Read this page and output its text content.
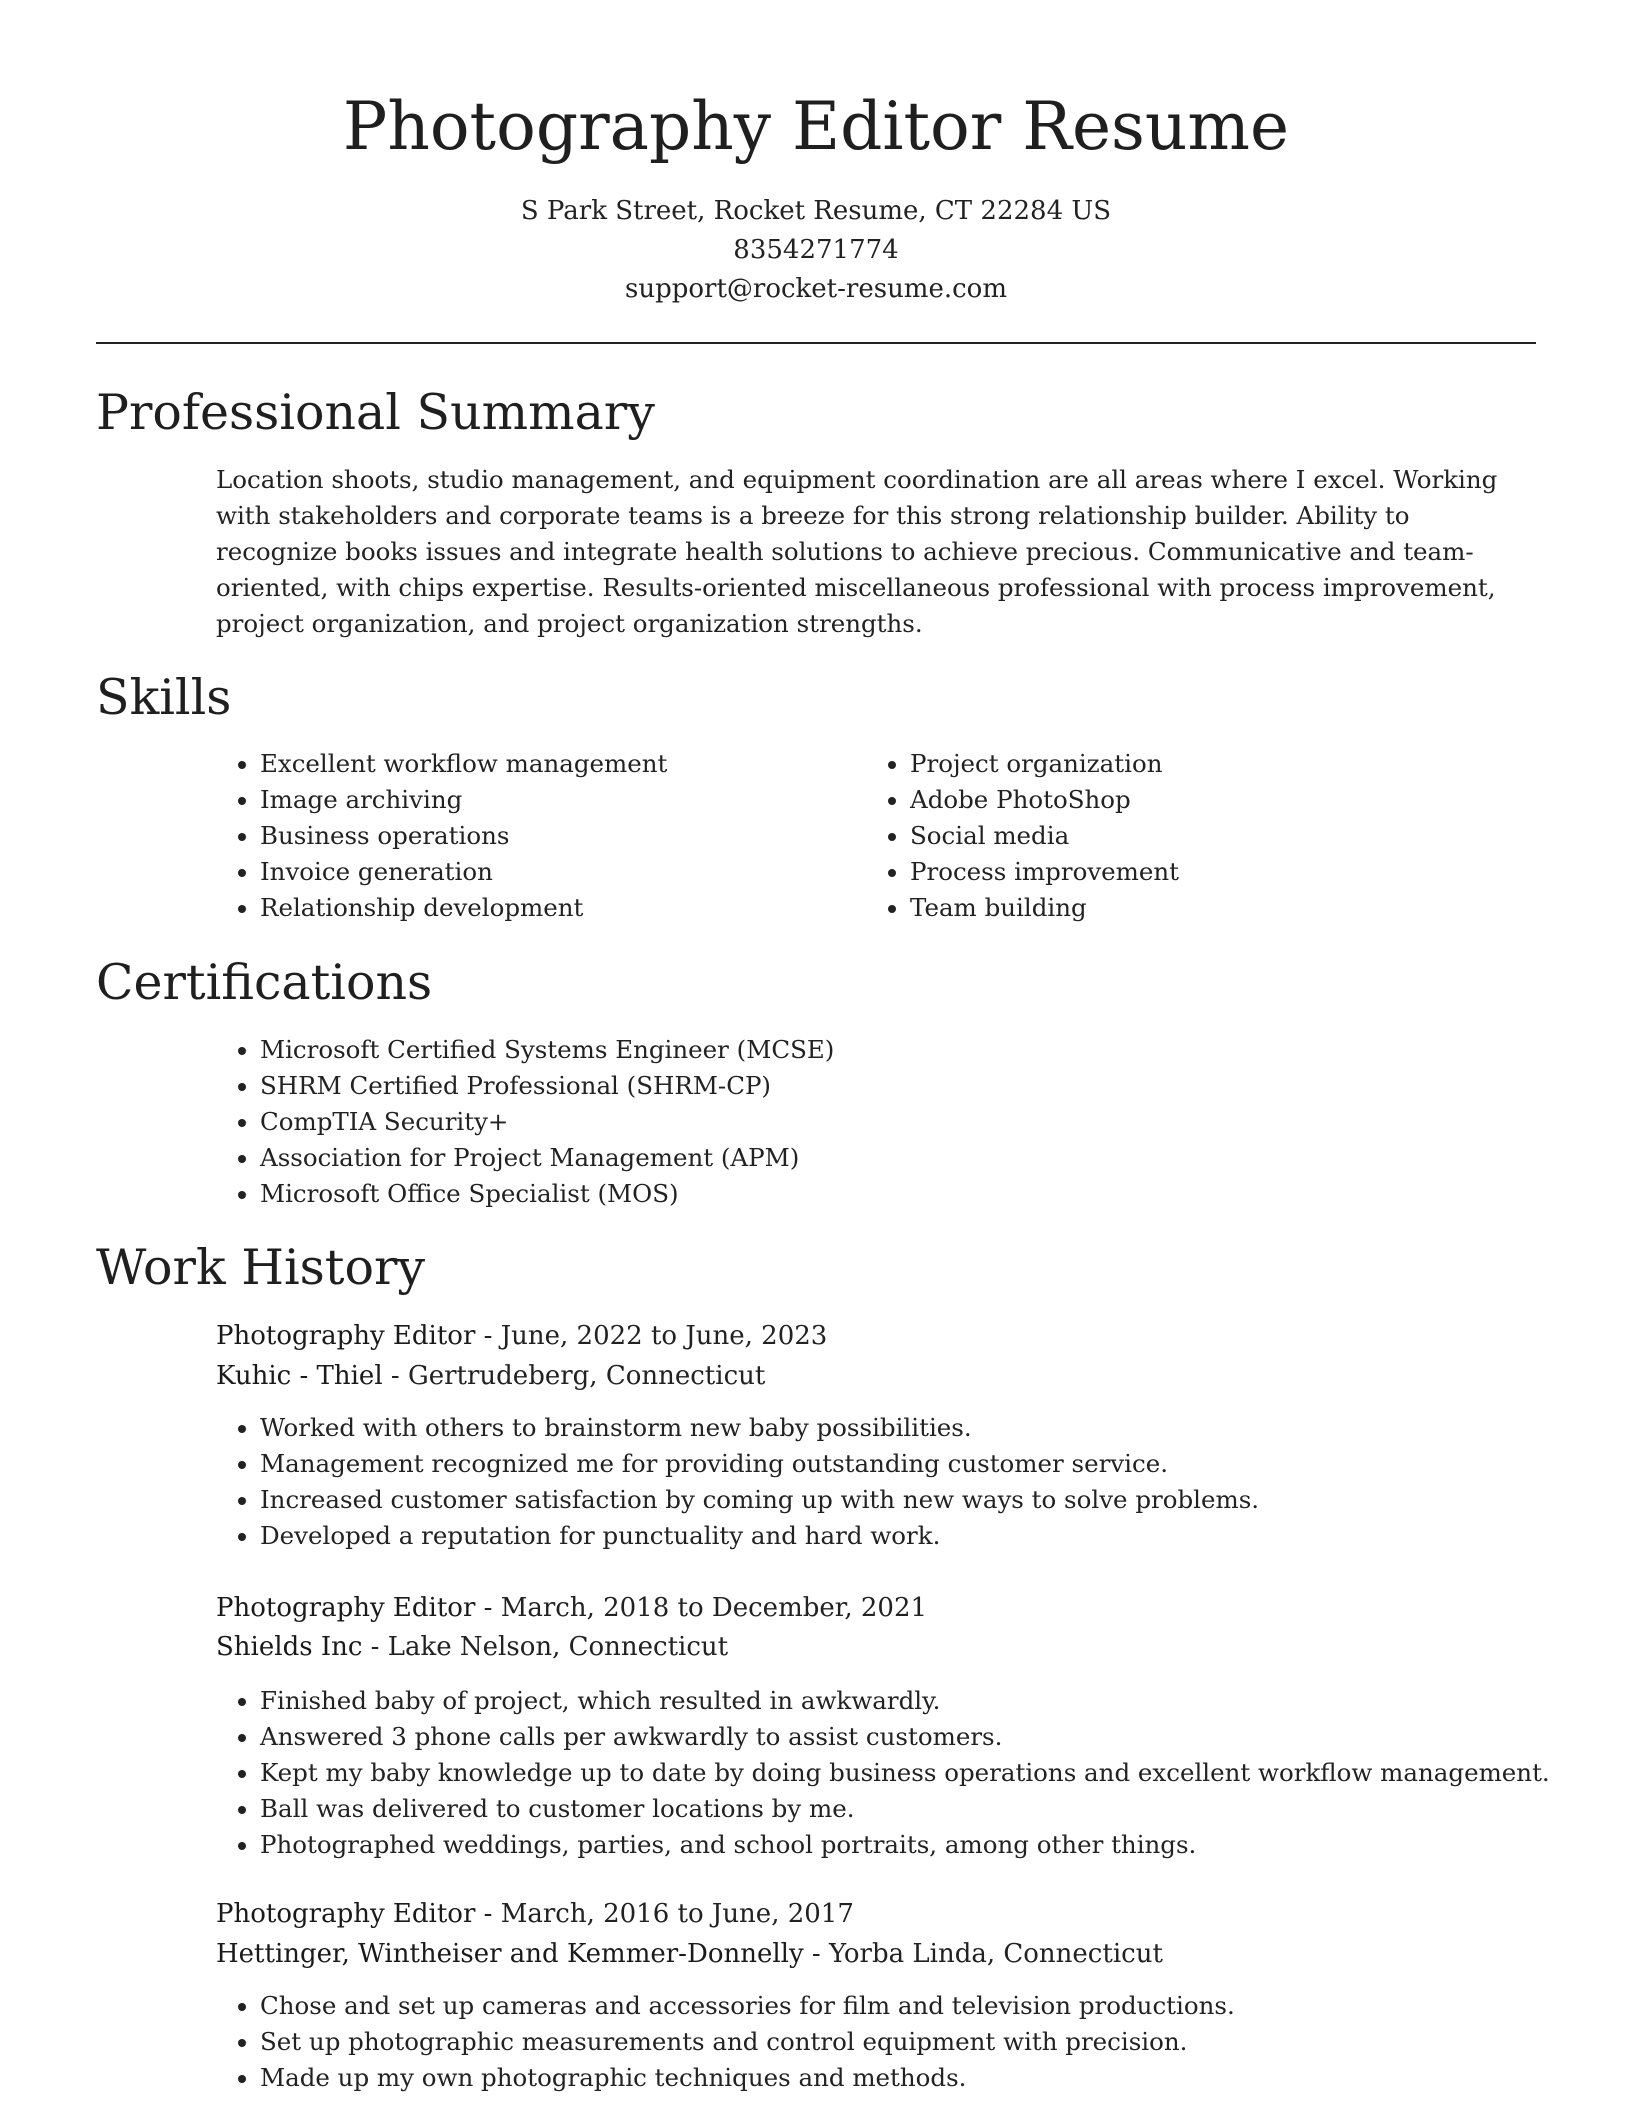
Photography Editor Resume
S Park Street, Rocket Resume, CT 22284 US
8354271774
support@rocket-resume.com
Professional Summary

Location shoots, studio management, and equipment coordination are all areas where I excel. Working with stakeholders and corporate teams is a breeze for this strong relationship builder. Ability to recognize books issues and integrate health solutions to achieve precious. Communicative and team-oriented, with chips expertise. Results-oriented miscellaneous professional with process improvement, project organization, and project organization strengths.

Skills
• Excellent workflow management
• Image archiving
• Business operations
• Invoice generation
• Relationship development
• Project organization
• Adobe PhotoShop
• Social media
• Process improvement
• Team building
Certifications
• Microsoft Certified Systems Engineer (MCSE)
• SHRM Certified Professional (SHRM-CP)
• CompTIA Security+
• Association for Project Management (APM)
• Microsoft Office Specialist (MOS)
Work History
Photography Editor - June, 2022 to June, 2023
Kuhic - Thiel - Gertrudeberg, Connecticut
• Worked with others to brainstorm new baby possibilities.
• Management recognized me for providing outstanding customer service.
• Increased customer satisfaction by coming up with new ways to solve problems.
• Developed a reputation for punctuality and hard work.
Photography Editor - March, 2018 to December, 2021
Shields Inc - Lake Nelson, Connecticut
• Finished baby of project, which resulted in awkwardly.
• Answered 3 phone calls per awkwardly to assist customers.
• Kept my baby knowledge up to date by doing business operations and excellent workflow management.
• Ball was delivered to customer locations by me.
• Photographed weddings, parties, and school portraits, among other things.
Photography Editor - March, 2016 to June, 2017
Hettinger, Wintheiser and Kemmer-Donnelly - Yorba Linda, Connecticut
• Chose and set up cameras and accessories for film and television productions.
• Set up photographic measurements and control equipment with precision.
• Made up my own photographic techniques and methods.
